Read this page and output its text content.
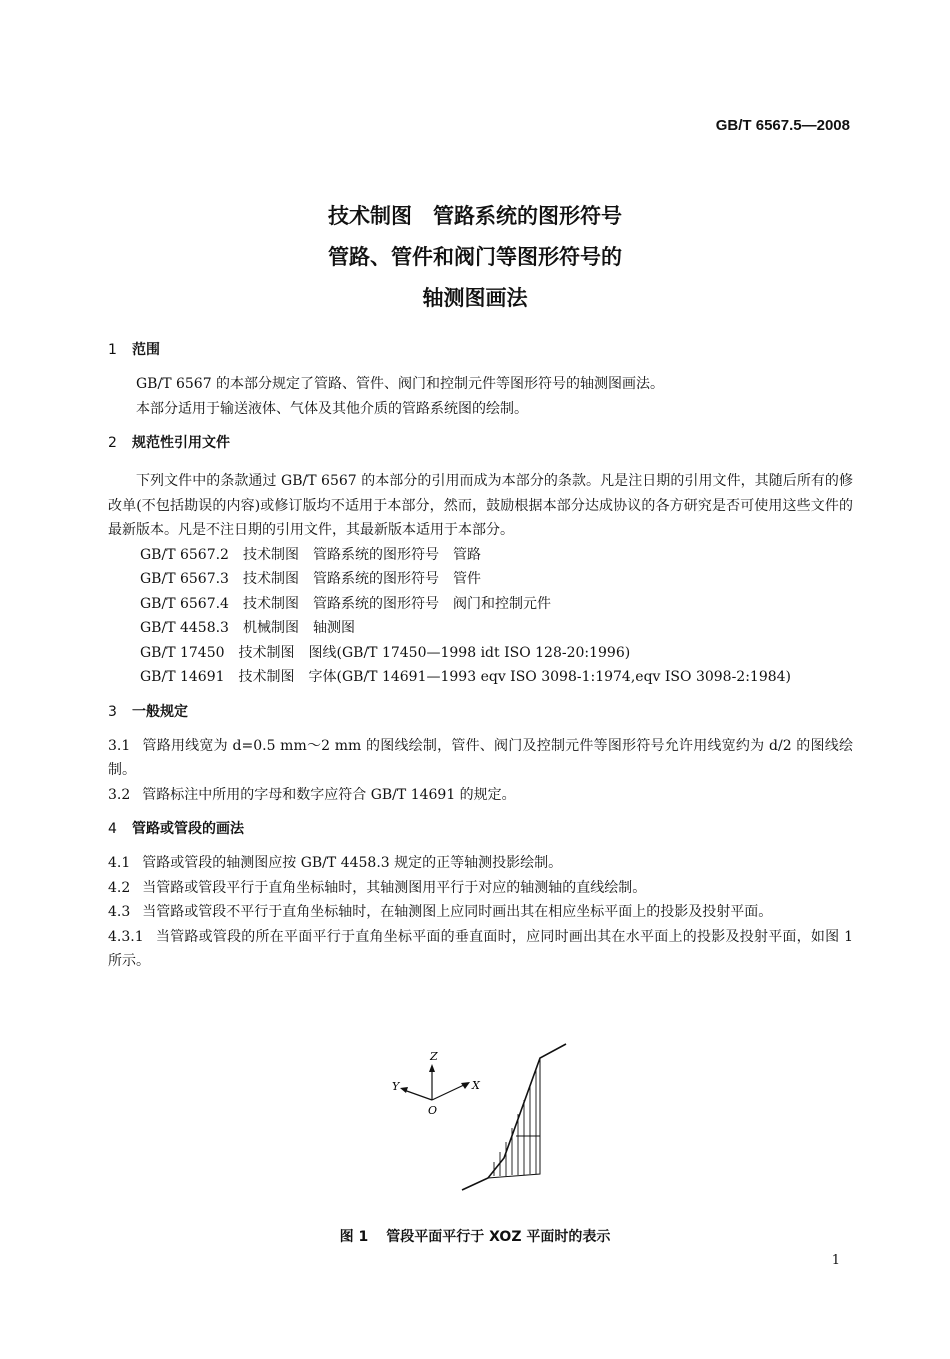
GB/T 6567.5—2008
技术制图　管路系统的图形符号
管路、管件和阀门等图形符号的
轴测图画法
1 范围

GB/T 6567 的本部分规定了管路、管件、阀门和控制元件等图形符号的轴测图画法。

本部分适用于输送液体、气体及其他介质的管路系统图的绘制。

2 规范性引用文件

下列文件中的条款通过 GB/T 6567 的本部分的引用而成为本部分的条款。凡是注日期的引用文件，其随后所有的修改单(不包括勘误的内容)或修订版均不适用于本部分，然而，鼓励根据本部分达成协议的各方研究是否可使用这些文件的最新版本。凡是不注日期的引用文件，其最新版本适用于本部分。

GB/T 6567.2　技术制图　管路系统的图形符号　管路
GB/T 6567.3　技术制图　管路系统的图形符号　管件
GB/T 6567.4　技术制图　管路系统的图形符号　阀门和控制元件
GB/T 4458.3　机械制图　轴测图
GB/T 17450　技术制图　图线(GB/T 17450—1998 idt ISO 128-20:1996)
GB/T 14691　技术制图　字体(GB/T 14691—1993 eqv ISO 3098-1:1974,eqv ISO 3098-2:1984)
3 一般规定

3.1 管路用线宽为 d=0.5 mm～2 mm 的图线绘制，管件、阀门及控制元件等图形符号允许用线宽约为 d/2 的图线绘制。

3.2 管路标注中所用的字母和数字应符合 GB/T 14691 的规定。

4 管路或管段的画法

4.1 管路或管段的轴测图应按 GB/T 4458.3 规定的正等轴测投影绘制。

4.2 当管路或管段平行于直角坐标轴时，其轴测图用平行于对应的轴测轴的直线绘制。

4.3 当管路或管段不平行于直角坐标轴时，在轴测图上应同时画出其在相应坐标平面上的投影及投射平面。

4.3.1 当管路或管段的所在平面平行于直角坐标平面的垂直面时，应同时画出其在水平面上的投影及投射平面，如图 1 所示。

Z
X
Y
O
图 1 管段平面平行于 XOZ 平面时的表示
1
